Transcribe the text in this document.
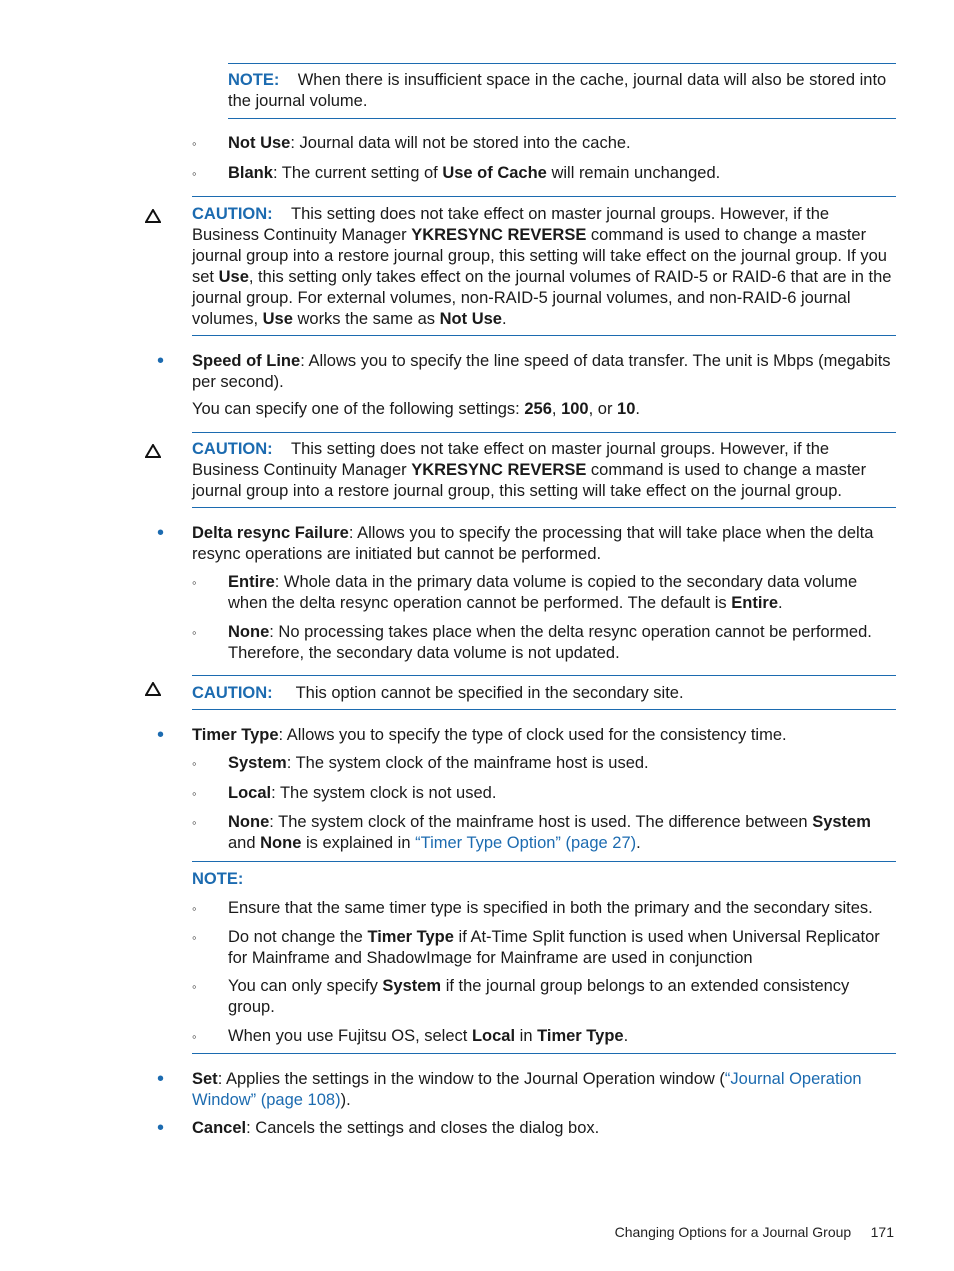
NOTE: When there is insufficient space in the cache, journal data will also be stored into the journal volume.
◦ Not Use: Journal data will not be stored into the cache.
◦ Blank: The current setting of Use of Cache will remain unchanged.
CAUTION: This setting does not take effect on master journal groups. However, if the Business Continuity Manager YKRESYNC REVERSE command is used to change a master journal group into a restore journal group, this setting will take effect on the journal group. If you set Use, this setting only takes effect on the journal volumes of RAID-5 or RAID-6 that are in the journal group. For external volumes, non-RAID-5 journal volumes, and non-RAID-6 journal volumes, Use works the same as Not Use.
• Speed of Line: Allows you to specify the line speed of data transfer. The unit is Mbps (megabits per second).
You can specify one of the following settings: 256, 100, or 10.
CAUTION: This setting does not take effect on master journal groups. However, if the Business Continuity Manager YKRESYNC REVERSE command is used to change a master journal group into a restore journal group, this setting will take effect on the journal group.
• Delta resync Failure: Allows you to specify the processing that will take place when the delta resync operations are initiated but cannot be performed.
◦ Entire: Whole data in the primary data volume is copied to the secondary data volume when the delta resync operation cannot be performed. The default is Entire.
◦ None: No processing takes place when the delta resync operation cannot be performed. Therefore, the secondary data volume is not updated.
CAUTION: This option cannot be specified in the secondary site.
• Timer Type: Allows you to specify the type of clock used for the consistency time.
◦ System: The system clock of the mainframe host is used.
◦ Local: The system clock is not used.
◦ None: The system clock of the mainframe host is used. The difference between System and None is explained in “Timer Type Option” (page 27).
NOTE:
◦ Ensure that the same timer type is specified in both the primary and the secondary sites.
◦ Do not change the Timer Type if At-Time Split function is used when Universal Replicator for Mainframe and ShadowImage for Mainframe are used in conjunction
◦ You can only specify System if the journal group belongs to an extended consistency group.
◦ When you use Fujitsu OS, select Local in Timer Type.
• Set: Applies the settings in the window to the Journal Operation window (“Journal Operation Window” (page 108)).
• Cancel: Cancels the settings and closes the dialog box.
Changing Options for a Journal Group 171
